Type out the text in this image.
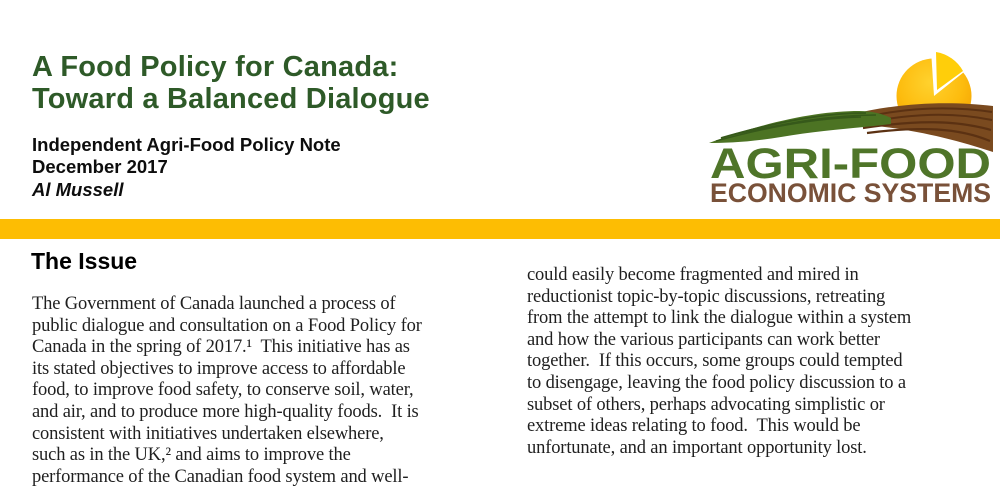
A Food Policy for Canada:
Toward a Balanced Dialogue
Independent Agri-Food Policy Note
December 2017
Al Mussell
AGRI-FOOD
ECONOMIC SYSTEMS
The Issue
The Government of Canada launched a process of
public dialogue and consultation on a Food Policy for
Canada in the spring of 2017.¹  This initiative has as
its stated objectives to improve access to affordable
food, to improve food safety, to conserve soil, water,
and air, and to produce more high-quality foods.  It is
consistent with initiatives undertaken elsewhere,
such as in the UK,² and aims to improve the
performance of the Canadian food system and well-
could easily become fragmented and mired in
reductionist topic-by-topic discussions, retreating
from the attempt to link the dialogue within a system
and how the various participants can work better
together.  If this occurs, some groups could tempted
to disengage, leaving the food policy discussion to a
subset of others, perhaps advocating simplistic or
extreme ideas relating to food.  This would be
unfortunate, and an important opportunity lost.
